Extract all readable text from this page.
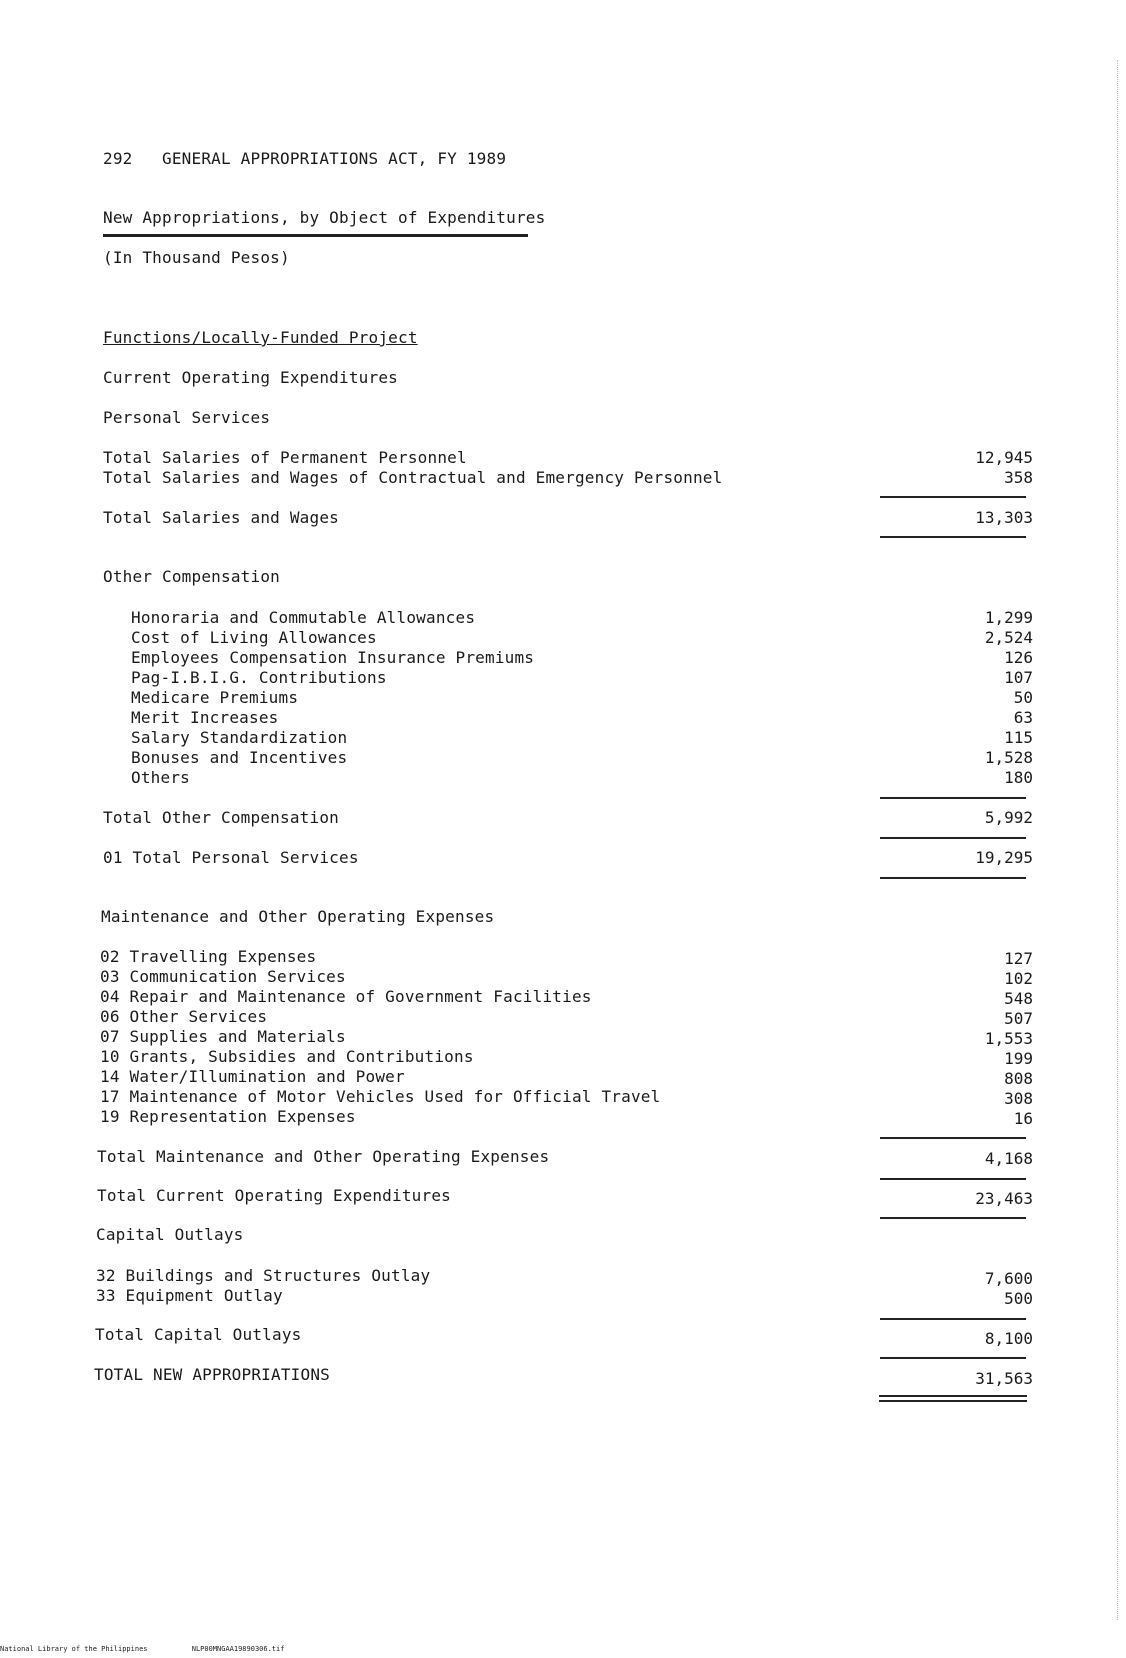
292 GENERAL APPROPRIATIONS ACT, FY 1989
New Appropriations, by Object of Expenditures
(In Thousand Pesos)
Functions/Locally-Funded Project
Current Operating Expenditures
Personal Services
Total Salaries of Permanent Personnel	12,945
Total Salaries and Wages of Contractual and Emergency Personnel	358
Total Salaries and Wages	13,303
Other Compensation
Honoraria and Commutable Allowances	1,299
Cost of Living Allowances	2,524
Employees Compensation Insurance Premiums	126
Pag-I.B.I.G. Contributions	107
Medicare Premiums	50
Merit Increases	63
Salary Standardization	115
Bonuses and Incentives	1,528
Others	180
Total Other Compensation	5,992
01 Total Personal Services	19,295
Maintenance and Other Operating Expenses
02 Travelling Expenses	127
03 Communication Services	102
04 Repair and Maintenance of Government Facilities	548
06 Other Services	507
07 Supplies and Materials	1,553
10 Grants, Subsidies and Contributions	199
14 Water/Illumination and Power	808
17 Maintenance of Motor Vehicles Used for Official Travel	308
19 Representation Expenses	16
Total Maintenance and Other Operating Expenses	4,168
Total Current Operating Expenditures	23,463
Capital Outlays
32 Buildings and Structures Outlay	7,600
33 Equipment Outlay	500
Total Capital Outlays	8,100
TOTAL NEW APPROPRIATIONS	31,563
National Library of the Philippines	NLP00MNGAA19890306.tif
